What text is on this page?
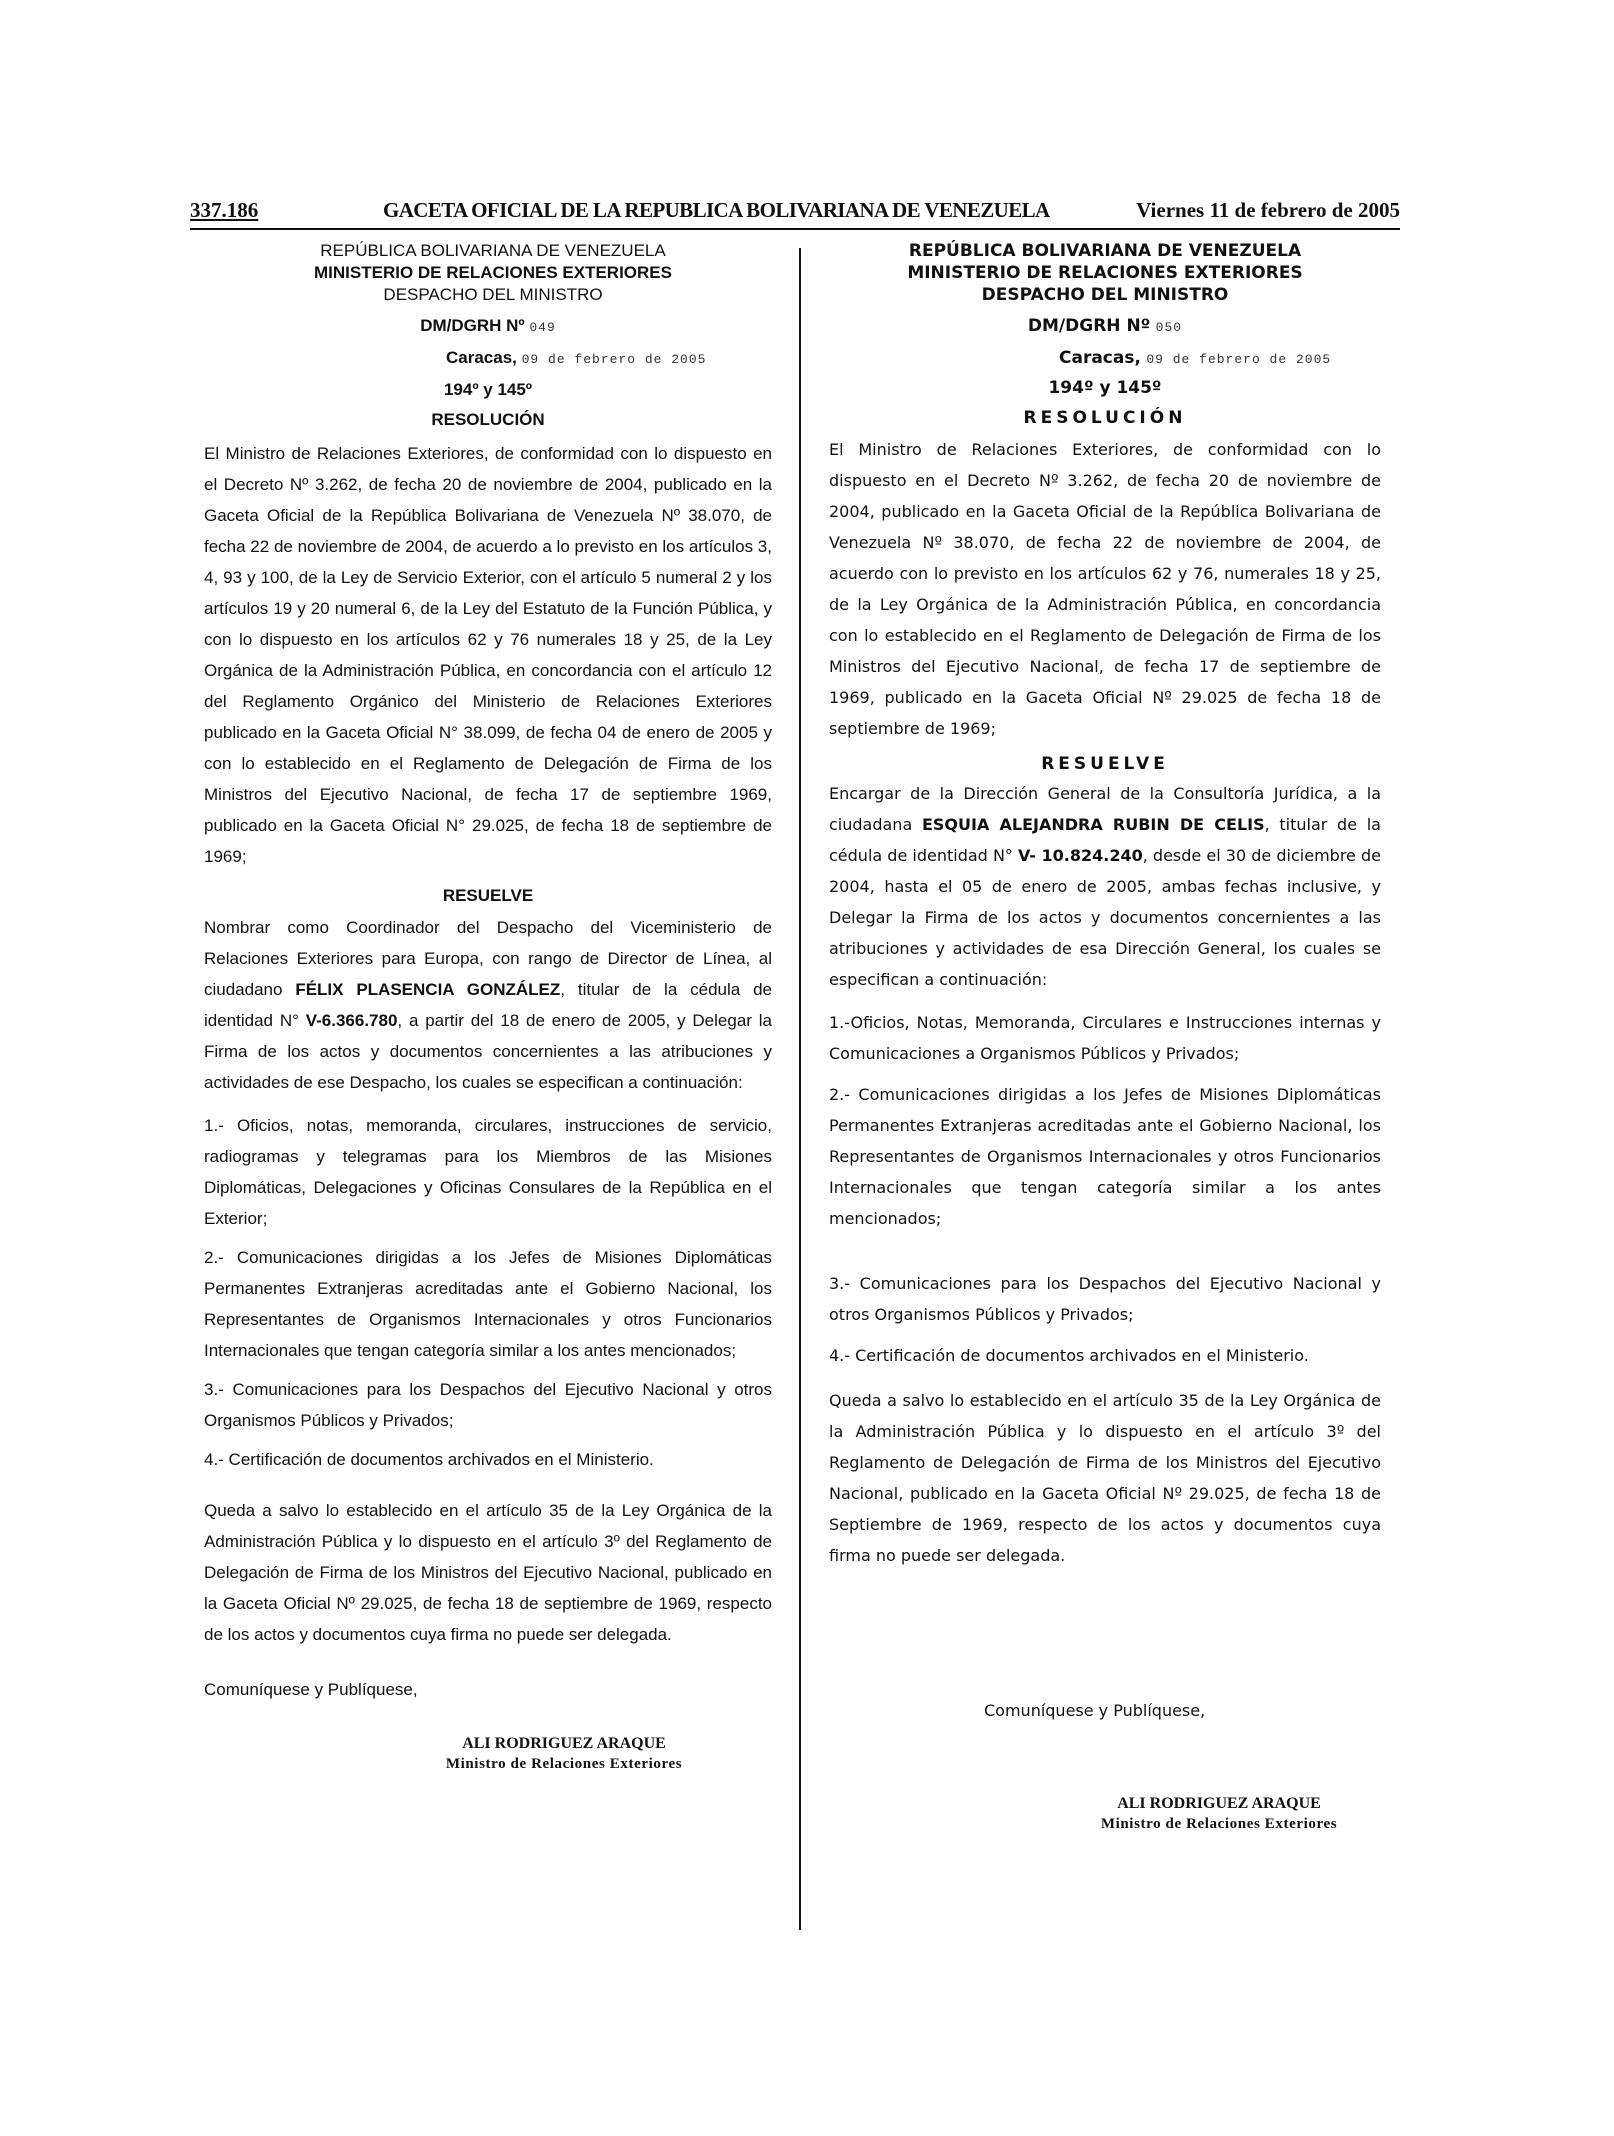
337.186	GACETA OFICIAL DE LA REPUBLICA BOLIVARIANA DE VENEZUELA	Viernes 11 de febrero de 2005
REPÚBLICA BOLIVARIANA DE VENEZUELA
MINISTERIO DE RELACIONES EXTERIORES
DESPACHO DEL MINISTRO
DM/DGRH Nº 049
Caracas, 09 de febrero de 2005
194º y 145º
RESOLUCIÓN

El Ministro de Relaciones Exteriores, de conformidad con lo dispuesto en el Decreto Nº 3.262, de fecha 20 de noviembre de 2004, publicado en la Gaceta Oficial de la República Bolivariana de Venezuela Nº 38.070, de fecha 22 de noviembre de 2004, de acuerdo a lo previsto en los artículos 3, 4, 93 y 100, de la Ley de Servicio Exterior, con el artículo 5 numeral 2 y los artículos 19 y 20 numeral 6, de la Ley del Estatuto de la Función Pública, y con lo dispuesto en los artículos 62 y 76 numerales 18 y 25, de la Ley Orgánica de la Administración Pública, en concordancia con el artículo 12 del Reglamento Orgánico del Ministerio de Relaciones Exteriores publicado en la Gaceta Oficial N° 38.099, de fecha 04 de enero de 2005 y con lo establecido en el Reglamento de Delegación de Firma de los Ministros del Ejecutivo Nacional, de fecha 17 de septiembre 1969, publicado en la Gaceta Oficial N° 29.025, de fecha 18 de septiembre de 1969;

RESUELVE

Nombrar como Coordinador del Despacho del Viceministerio de Relaciones Exteriores para Europa, con rango de Director de Línea, al ciudadano FÉLIX PLASENCIA GONZÁLEZ, titular de la cédula de identidad N° V-6.366.780, a partir del 18 de enero de 2005, y Delegar la Firma de los actos y documentos concernientes a las atribuciones y actividades de ese Despacho, los cuales se especifican a continuación:

1.- Oficios, notas, memoranda, circulares, instrucciones de servicio, radiogramas y telegramas para los Miembros de las Misiones Diplomáticas, Delegaciones y Oficinas Consulares de la República en el Exterior;

2.- Comunicaciones dirigidas a los Jefes de Misiones Diplomáticas Permanentes Extranjeras acreditadas ante el Gobierno Nacional, los Representantes de Organismos Internacionales y otros Funcionarios Internacionales que tengan categoría similar a los antes mencionados;

3.- Comunicaciones para los Despachos del Ejecutivo Nacional y otros Organismos Públicos y Privados;

4.- Certificación de documentos archivados en el Ministerio.

Queda a salvo lo establecido en el artículo 35 de la Ley Orgánica de la Administración Pública y lo dispuesto en el artículo 3º del Reglamento de Delegación de Firma de los Ministros del Ejecutivo Nacional, publicado en la Gaceta Oficial Nº 29.025, de fecha 18 de septiembre de 1969, respecto de los actos y documentos cuya firma no puede ser delegada.

Comuníquese y Publíquese,
ALI RODRIGUEZ ARAQUE
Ministro de Relaciones Exteriores
REPÚBLICA BOLIVARIANA DE VENEZUELA
MINISTERIO DE RELACIONES EXTERIORES
DESPACHO DEL MINISTRO
DM/DGRH Nº 050
Caracas, 09 de febrero de 2005
194º y 145º
RESOLUCIÓN

El Ministro de Relaciones Exteriores, de conformidad con lo dispuesto en el Decreto Nº 3.262, de fecha 20 de noviembre de 2004, publicado en la Gaceta Oficial de la República Bolivariana de Venezuela Nº 38.070, de fecha 22 de noviembre de 2004, de acuerdo con lo previsto en los artículos 62 y 76, numerales 18 y 25, de la Ley Orgánica de la Administración Pública, en concordancia con lo establecido en el Reglamento de Delegación de Firma de los Ministros del Ejecutivo Nacional, de fecha 17 de septiembre de 1969, publicado en la Gaceta Oficial Nº 29.025 de fecha 18 de septiembre de 1969;

RESUELVE

Encargar de la Dirección General de la Consultoría Jurídica, a la ciudadana ESQUIA ALEJANDRA RUBIN DE CELIS, titular de la cédula de identidad N° V- 10.824.240, desde el 30 de diciembre de 2004, hasta el 05 de enero de 2005, ambas fechas inclusive, y Delegar la Firma de los actos y documentos concernientes a las atribuciones y actividades de esa Dirección General, los cuales se especifican a continuación:

1.-Oficios, Notas, Memoranda, Circulares e Instrucciones internas y Comunicaciones a Organismos Públicos y Privados;

2.- Comunicaciones dirigidas a los Jefes de Misiones Diplomáticas Permanentes Extranjeras acreditadas ante el Gobierno Nacional, los Representantes de Organismos Internacionales y otros Funcionarios Internacionales que tengan categoría similar a los antes mencionados;

3.- Comunicaciones para los Despachos del Ejecutivo Nacional y otros Organismos Públicos y Privados;

4.- Certificación de documentos archivados en el Ministerio.

Queda a salvo lo establecido en el artículo 35 de la Ley Orgánica de la Administración Pública y lo dispuesto en el artículo 3º del Reglamento de Delegación de Firma de los Ministros del Ejecutivo Nacional, publicado en la Gaceta Oficial Nº 29.025, de fecha 18 de Septiembre de 1969, respecto de los actos y documentos cuya firma no puede ser delegada.

Comuníquese y Publíquese,
ALI RODRIGUEZ ARAQUE
Ministro de Relaciones Exteriores
